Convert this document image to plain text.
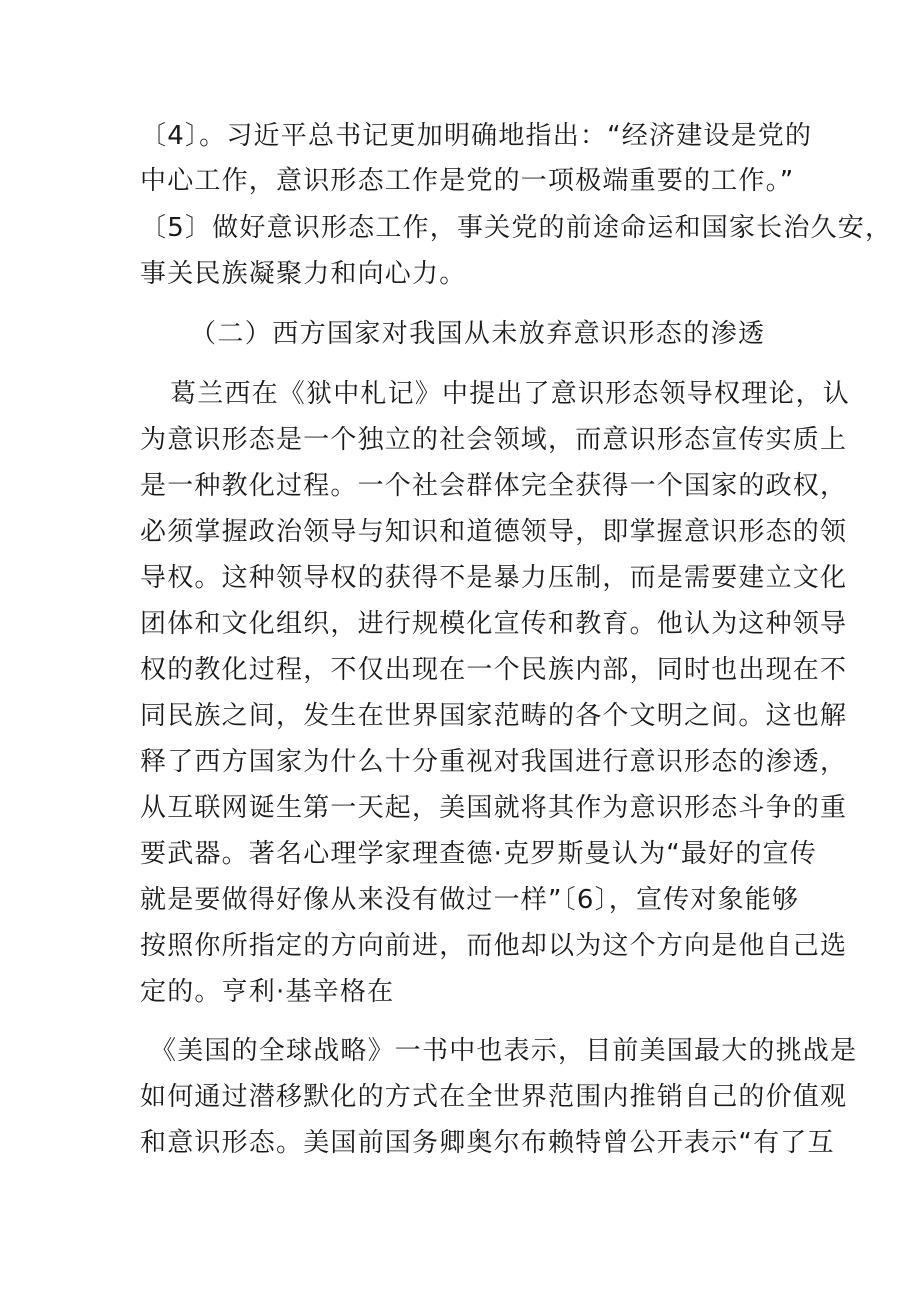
〔4〕。习近平总书记更加明确地指出：“经济建设是党的
中心工作，意识形态工作是党的一项极端重要的工作。”
〔5〕做好意识形态工作，事关党的前途命运和国家长治久安，
事关民族凝聚力和向心力。
（二）西方国家对我国从未放弃意识形态的渗透
葛兰西在《狱中札记》中提出了意识形态领导权理论，认
为意识形态是一个独立的社会领域，而意识形态宣传实质上
是一种教化过程。一个社会群体完全获得一个国家的政权，
必须掌握政治领导与知识和道德领导，即掌握意识形态的领
导权。这种领导权的获得不是暴力压制，而是需要建立文化
团体和文化组织，进行规模化宣传和教育。他认为这种领导
权的教化过程，不仅出现在一个民族内部，同时也出现在不
同民族之间，发生在世界国家范畴的各个文明之间。这也解
释了西方国家为什么十分重视对我国进行意识形态的渗透，
从互联网诞生第一天起，美国就将其作为意识形态斗争的重
要武器。著名心理学家理查德·克罗斯曼认为“最好的宣传
就是要做得好像从来没有做过一样”〔6〕，宣传对象能够
按照你所指定的方向前进，而他却以为这个方向是他自己选
定的。亨利·基辛格在
《美国的全球战略》一书中也表示，目前美国最大的挑战是
如何通过潜移默化的方式在全世界范围内推销自己的价值观
和意识形态。美国前国务卿奥尔布赖特曾公开表示“有了互
